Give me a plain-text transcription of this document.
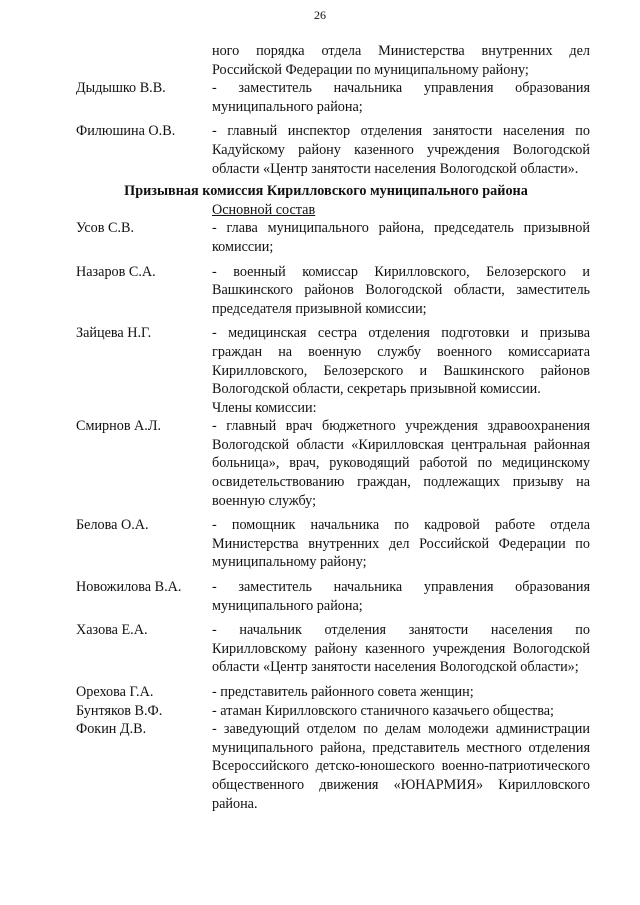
26
ного порядка отдела Министерства внутренних дел Российской Федерации по муниципальному району;
Дыдышко В.В.	- заместитель начальника управления образования муниципального района;
Филюшина О.В.	- главный инспектор отделения занятости населения по Кадуйскому району казенного учреждения Вологодской области «Центр занятости населения Вологодской области».
Призывная комиссия Кирилловского муниципального района
Основной состав
Усов С.В.	- глава муниципального района, председатель призывной комиссии;
Назаров С.А.	- военный комиссар Кирилловского, Белозерского и Вашкинского районов Вологодской области, заместитель председателя призывной комиссии;
Зайцева Н.Г.	- медицинская сестра отделения подготовки и призыва граждан на военную службу военного комиссариата Кирилловского, Белозерского и Вашкинского районов Вологодской области, секретарь призывной комиссии.
Члены комиссии:
Смирнов А.Л.	- главный врач бюджетного учреждения здравоохранения Вологодской области «Кирилловская центральная районная больница», врач, руководящий работой по медицинскому освидетельствованию граждан, подлежащих призыву на военную службу;
Белова О.А.	- помощник начальника по кадровой работе отдела Министерства внутренних дел Российской Федерации по муниципальному району;
Новожилова В.А.	- заместитель начальника управления образования муниципального района;
Хазова Е.А.	- начальник отделения занятости населения по Кирилловскому району казенного учреждения Вологодской области «Центр занятости населения Вологодской области»;
Орехова Г.А.	- представитель районного совета женщин;
Бунтяков В.Ф.	- атаман Кирилловского станичного казачьего общества;
Фокин Д.В.	- заведующий отделом по делам молодежи администрации муниципального района, представитель местного отделения Всероссийского детско-юношеского военно-патриотического общественного движения «ЮНАРМИЯ» Кирилловского района.
